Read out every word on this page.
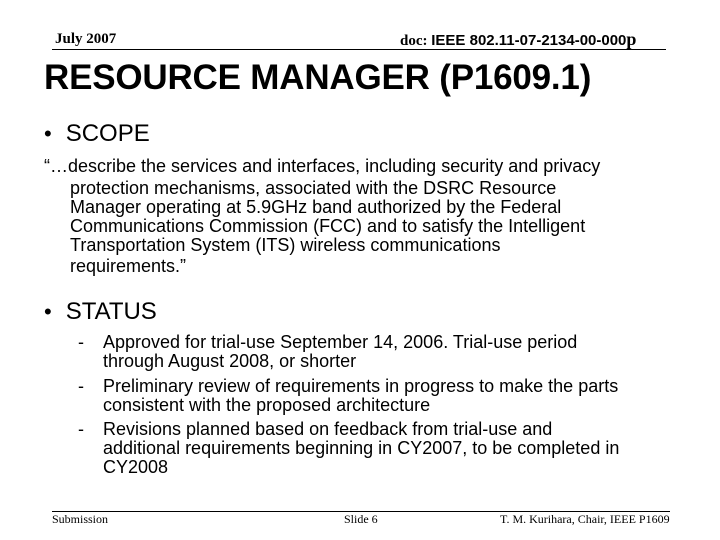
July 2007	doc: IEEE 802.11-07-2134-00-000p
RESOURCE MANAGER (P1609.1)
• SCOPE
“…describe the services and interfaces, including security and privacy
protection mechanisms, associated with the DSRC Resource
Manager operating at 5.9GHz band authorized by the Federal
Communications Commission (FCC) and to satisfy the Intelligent
Transportation System (ITS) wireless communications
requirements.”
• STATUS
- Approved for trial-use September 14, 2006. Trial-use period
through August 2008, or shorter
- Preliminary review of requirements in progress to make the parts
consistent with the proposed architecture
- Revisions planned based on feedback from trial-use and
additional requirements beginning in CY2007, to be completed in
CY2008
Submission	Slide 6	T. M. Kurihara, Chair, IEEE P1609
